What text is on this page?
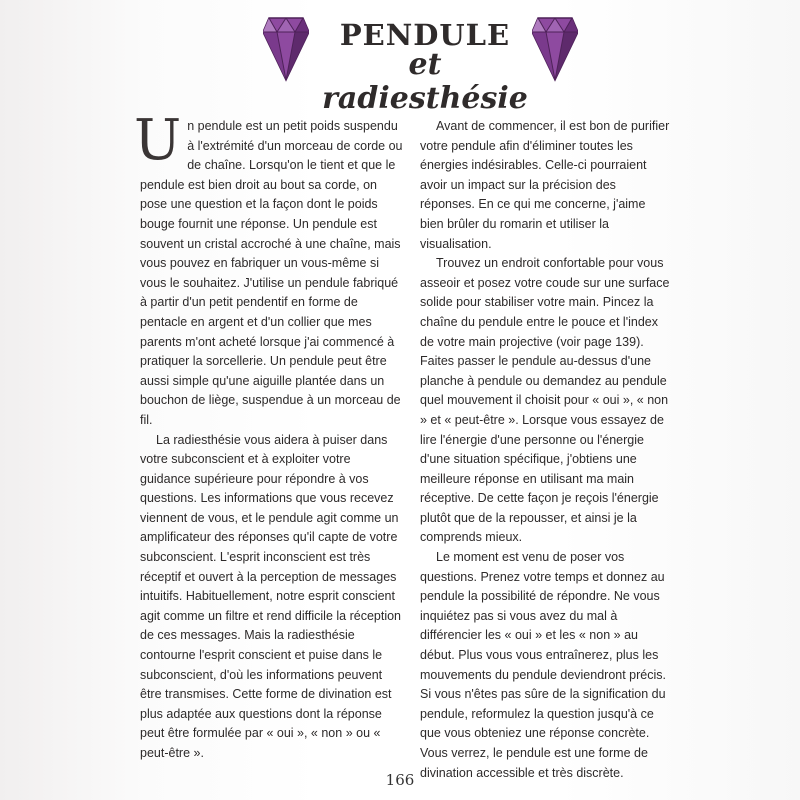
PENDULE
et radiesthésie

Un pendule est un petit poids suspendu à l'extrémité d'un morceau de corde ou de chaîne. Lorsqu'on le tient et que le pendule est bien droit au bout sa corde, on pose une question et la façon dont le poids bouge fournit une réponse. Un pendule est souvent un cristal accroché à une chaîne, mais vous pouvez en fabriquer un vous-même si vous le souhaitez. J'utilise un pendule fabriqué à partir d'un petit pendentif en forme de pentacle en argent et d'un collier que mes parents m'ont acheté lorsque j'ai commencé à pratiquer la sorcellerie. Un pendule peut être aussi simple qu'une aiguille plantée dans un bouchon de liège, suspendue à un morceau de fil.

La radiesthésie vous aidera à puiser dans votre subconscient et à exploiter votre guidance supérieure pour répondre à vos questions. Les informations que vous recevez viennent de vous, et le pendule agit comme un amplificateur des réponses qu'il capte de votre subconscient. L'esprit inconscient est très réceptif et ouvert à la perception de messages intuitifs. Habituellement, notre esprit conscient agit comme un filtre et rend difficile la réception de ces messages. Mais la radiesthésie contourne l'esprit conscient et puise dans le subconscient, d'où les informations peuvent être transmises. Cette forme de divination est plus adaptée aux questions dont la réponse peut être formulée par « oui », « non » ou « peut-être ».

Avant de commencer, il est bon de purifier votre pendule afin d'éliminer toutes les énergies indésirables. Celle-ci pourraient avoir un impact sur la précision des réponses. En ce qui me concerne, j'aime bien brûler du romarin et utiliser la visualisation.

Trouvez un endroit confortable pour vous asseoir et posez votre coude sur une surface solide pour stabiliser votre main. Pincez la chaîne du pendule entre le pouce et l'index de votre main projective (voir page 139). Faites passer le pendule au-dessus d'une planche à pendule ou demandez au pendule quel mouvement il choisit pour « oui », « non » et « peut-être ». Lorsque vous essayez de lire l'énergie d'une personne ou l'énergie d'une situation spécifique, j'obtiens une meilleure réponse en utilisant ma main réceptive. De cette façon je reçois l'énergie plutôt que de la repousser, et ainsi je la comprends mieux.

Le moment est venu de poser vos questions. Prenez votre temps et donnez au pendule la possibilité de répondre. Ne vous inquiétez pas si vous avez du mal à différencier les « oui » et les « non » au début. Plus vous vous entraînerez, plus les mouvements du pendule deviendront précis. Si vous n'êtes pas sûre de la signification du pendule, reformulez la question jusqu'à ce que vous obteniez une réponse concrète. Vous verrez, le pendule est une forme de divination accessible et très discrète.

166
